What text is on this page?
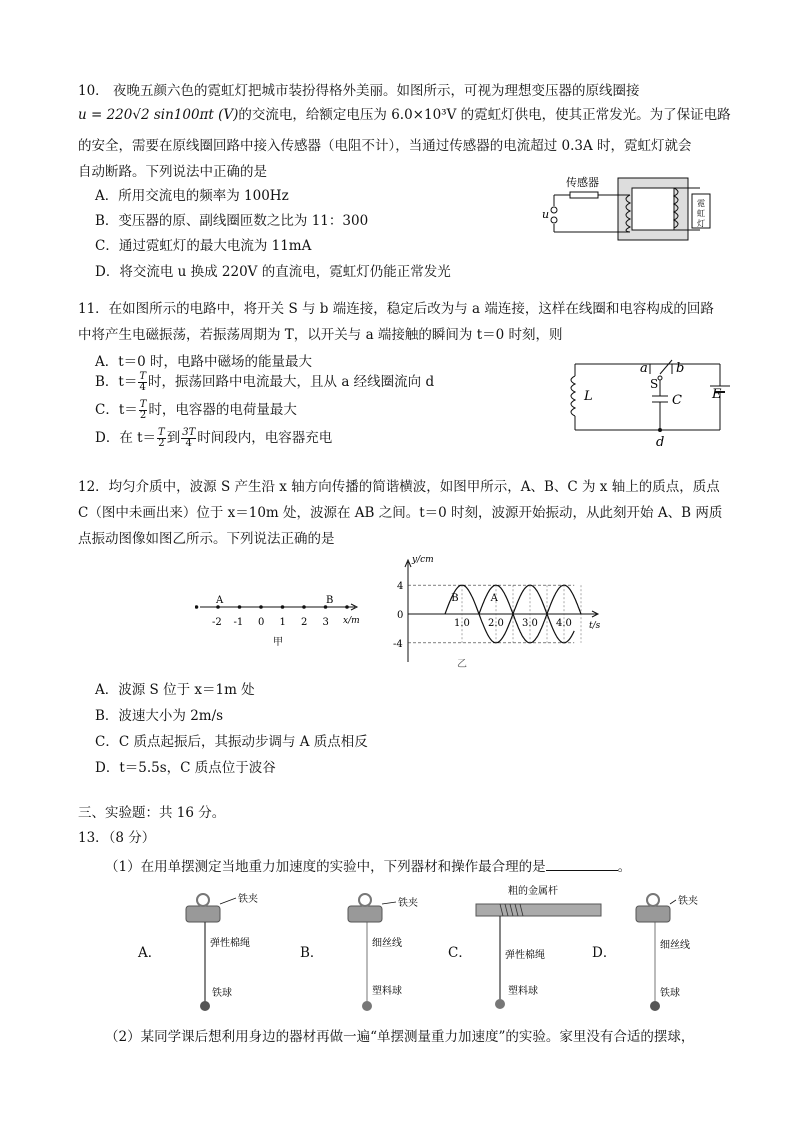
10． 夜晚五颜六色的霓虹灯把城市装扮得格外美丽。如图所示，可视为理想变压器的原线圈接
u = 220√2 sin100πt (V)的交流电，给额定电压为 6.0×10³V 的霓虹灯供电，使其正常发光。为了保证电路
的安全，需要在原线圈回路中接入传感器（电阻不计），当通过传感器的电流超过 0.3A 时，霓虹灯就会
自动断路。下列说法中正确的是
A．所用交流电的频率为 100Hz
B．变压器的原、副线圈匝数之比为 11：300
C．通过霓虹灯的最大电流为 11mA
D．将交流电 u 换成 220V 的直流电，霓虹灯仍能正常发光
传感器
u
霓
虹
灯
11．在如图所示的电路中，将开关 S 与 b 端连接，稳定后改为与 a 端连接，这样在线圈和电容构成的回路
中将产生电磁振荡，若振荡周期为 T，以开关与 a 端接触的瞬间为 t＝0 时刻，则
A．t＝0 时，电路中磁场的能量最大
B．$t= \frac{T}{4}$ 时，振荡回路中电流最大，且从 a 经线圈流向 d
C．$t= \frac{T}{2}$ 时，电容器的电荷量最大
D．在 $t= \frac{T}{2}$ 到 $\frac{3T}{4}$ 时间段内，电容器充电
L
a b
S
C
d
E
12．均匀介质中，波源 S 产生沿 x 轴方向传播的简谐横波，如图甲所示，A、B、C 为 x 轴上的质点，质点
C（图中未画出来）位于 x＝10m 处，波源在 AB 之间。t＝0 时刻，波源开始振动，从此刻开始 A、B 两质
点振动图像如图乙所示。下列说法正确的是
-2 -1 0 1 2 3
A	B
x/m
甲
y/cm
t/s
4
0
-4
1.0 2.0 3.0 4.0
B	A
乙
A．波源 S 位于 x＝1m 处
B．波速大小为 2m/s
C．C 质点起振后，其振动步调与 A 质点相反
D．t＝5.5s，C 质点位于波谷
三、实验题：共 16 分。
13．（8 分）
（1）在用单摆测定当地重力加速度的实验中，下列器材和操作最合理的是	。
A．
铁夹
弹性棉绳
铁球
B．
铁夹
细丝线
塑料球
C．
粗的金属杆
弹性棉绳
塑料球
D．
铁夹
细丝线
铁球
（2）某同学课后想利用身边的器材再做一遍“单摆测量重力加速度”的实验。家里没有合适的摆球，
